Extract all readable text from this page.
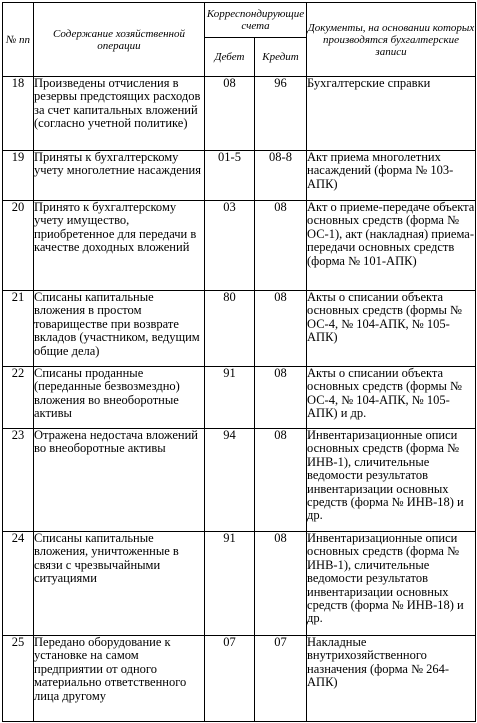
№ пп	Содержание хозяйственной операции	Корреспондирующие счета		Документы, на основании которых производятся бухгалтерские записи
		Дебет	Кредит	
18	Произведены отчисления в резервы предстоящих расходов за счет капитальных вложений (согласно учетной политике)	08	96	Бухгалтерские справки
19	Приняты к бухгалтерскому учету многолетние насаждения	01-5	08-8	Акт приема многолетних насаждений (форма № 103-АПК)
20	Принято к бухгалтерскому учету имущество, приобретенное для передачи в качестве доходных вложений	03	08	Акт о приеме-передаче объекта основных средств (форма № ОС-1), акт (накладная) приема-передачи основных средств (форма № 101-АПК)
21	Списаны капитальные вложения в простом товариществе при возврате вкладов (участником, ведущим общие дела)	80	08	Акты о списании объекта основных средств (формы № ОС-4, № 104-АПК, № 105-АПК)
22	Списаны проданные (переданные безвозмездно) вложения во внеоборотные активы	91	08	Акты о списании объекта основных средств (формы № ОС-4, № 104-АПК, № 105-АПК) и др.
23	Отражена недостача вложений во внеоборотные активы	94	08	Инвентаризационные описи основных средств (форма № ИНВ-1), сличительные ведомости результатов инвентаризации основных средств (форма № ИНВ-18) и др.
24	Списаны капитальные вложения, уничтоженные в связи с чрезвычайными ситуациями	91	08	Инвентаризационные описи основных средств (форма № ИНВ-1), сличительные ведомости результатов инвентаризации основных средств (форма № ИНВ-18) и др.
25	Передано оборудование к установке на самом предприятии от одного материально ответственного лица другому	07	07	Накладные внутрихозяйственного назначения (форма № 264-АПК)
